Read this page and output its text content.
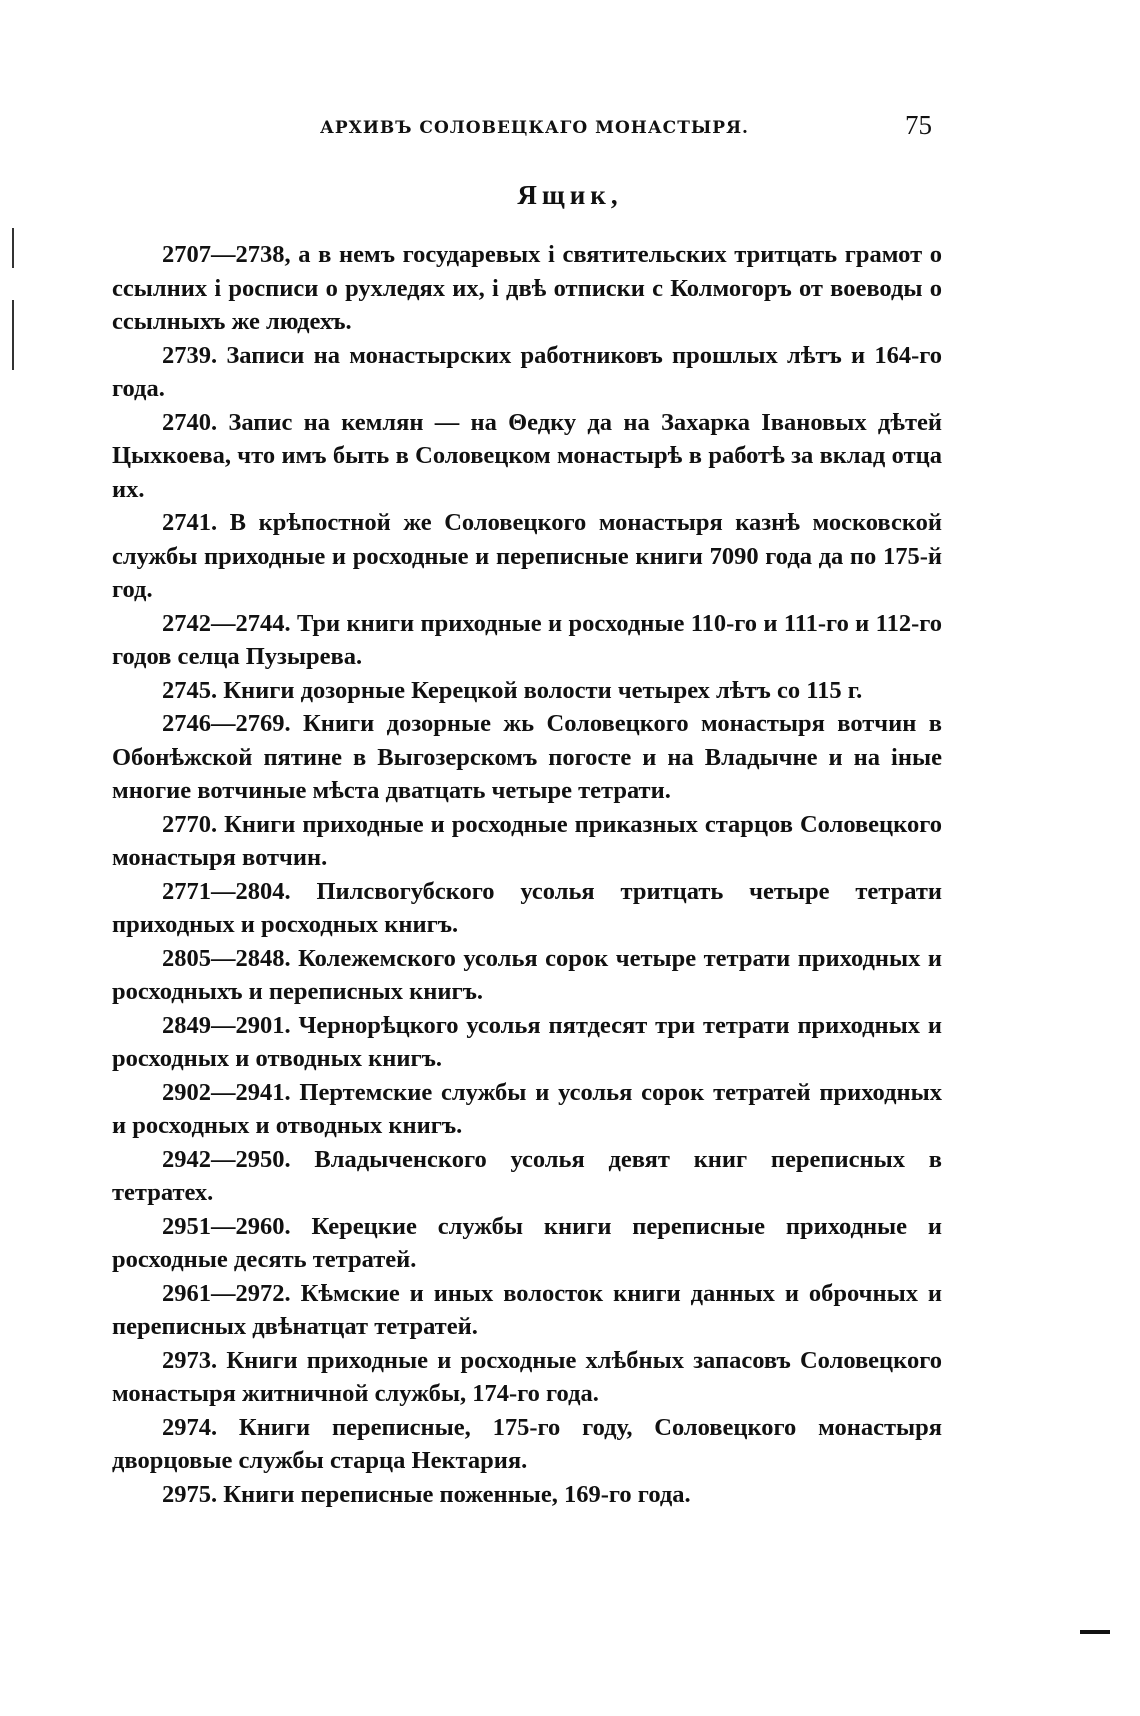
АРХИВЪ СОЛОВЕЦКАГО МОНАСТЫРЯ.	75
Ящик,

2707—2738, а в немъ государевых i святительских тритцать грамот о ссылних i росписи о рухледях их, i двѣ отписки с Колмогоръ от воеводы о ссылныхъ же людехъ.

2739. Записи на монастырских работниковъ прошлых лѣтъ и 164-го года.

2740. Запис на кемлян — на Θедку да на Захарка Iвановых дѣтей Цыхкоева, что имъ быть в Соловецком монастырѣ в работѣ за вклад отца их.

2741. В крѣпостной же Соловецкого монастыря казнѣ московской службы приходные и росходные и переписные книги 7090 года да по 175-й год.

2742—2744. Три книги приходные и росходные 110-го и 111-го и 112-го годов селца Пузырева.

2745. Книги дозорные Керецкой волости четырех лѣтъ со 115 г.

2746—2769. Книги дозорные жь Соловецкого монастыря вотчин в Обонѣжской пятине в Выгозерскомъ погосте и на Владычне и на iные многие вотчиные мѣста дватцать четыре тетрати.

2770. Книги приходные и росходные приказных старцов Соловецкого монастыря вотчин.

2771—2804. Пилсвогубского усолья тритцать четыре тетрати приходных и росходных книгъ.

2805—2848. Колежемского усолья сорок четыре тетрати приходных и росходныхъ и переписных книгъ.

2849—2901. Чернорѣцкого усолья пятдесят три тетрати приходных и росходных и отводных книгъ.

2902—2941. Пертемские службы и усолья сорок тетратей приходных и росходных и отводных книгъ.

2942—2950. Владыченского усолья девят книг переписных в тетратех.

2951—2960. Керецкие службы книги переписные приходные и росходные десять тетратей.

2961—2972. Кѣмские и иных волосток книги данных и оброчных и переписных двѣнатцат тетратей.

2973. Книги приходные и росходные хлѣбных запасовъ Соловецкого монастыря житничной службы, 174-го года.

2974. Книги переписные, 175-го году, Соловецкого монастыря дворцовые службы старца Нектария.

2975. Книги переписные поженные, 169-го года.
